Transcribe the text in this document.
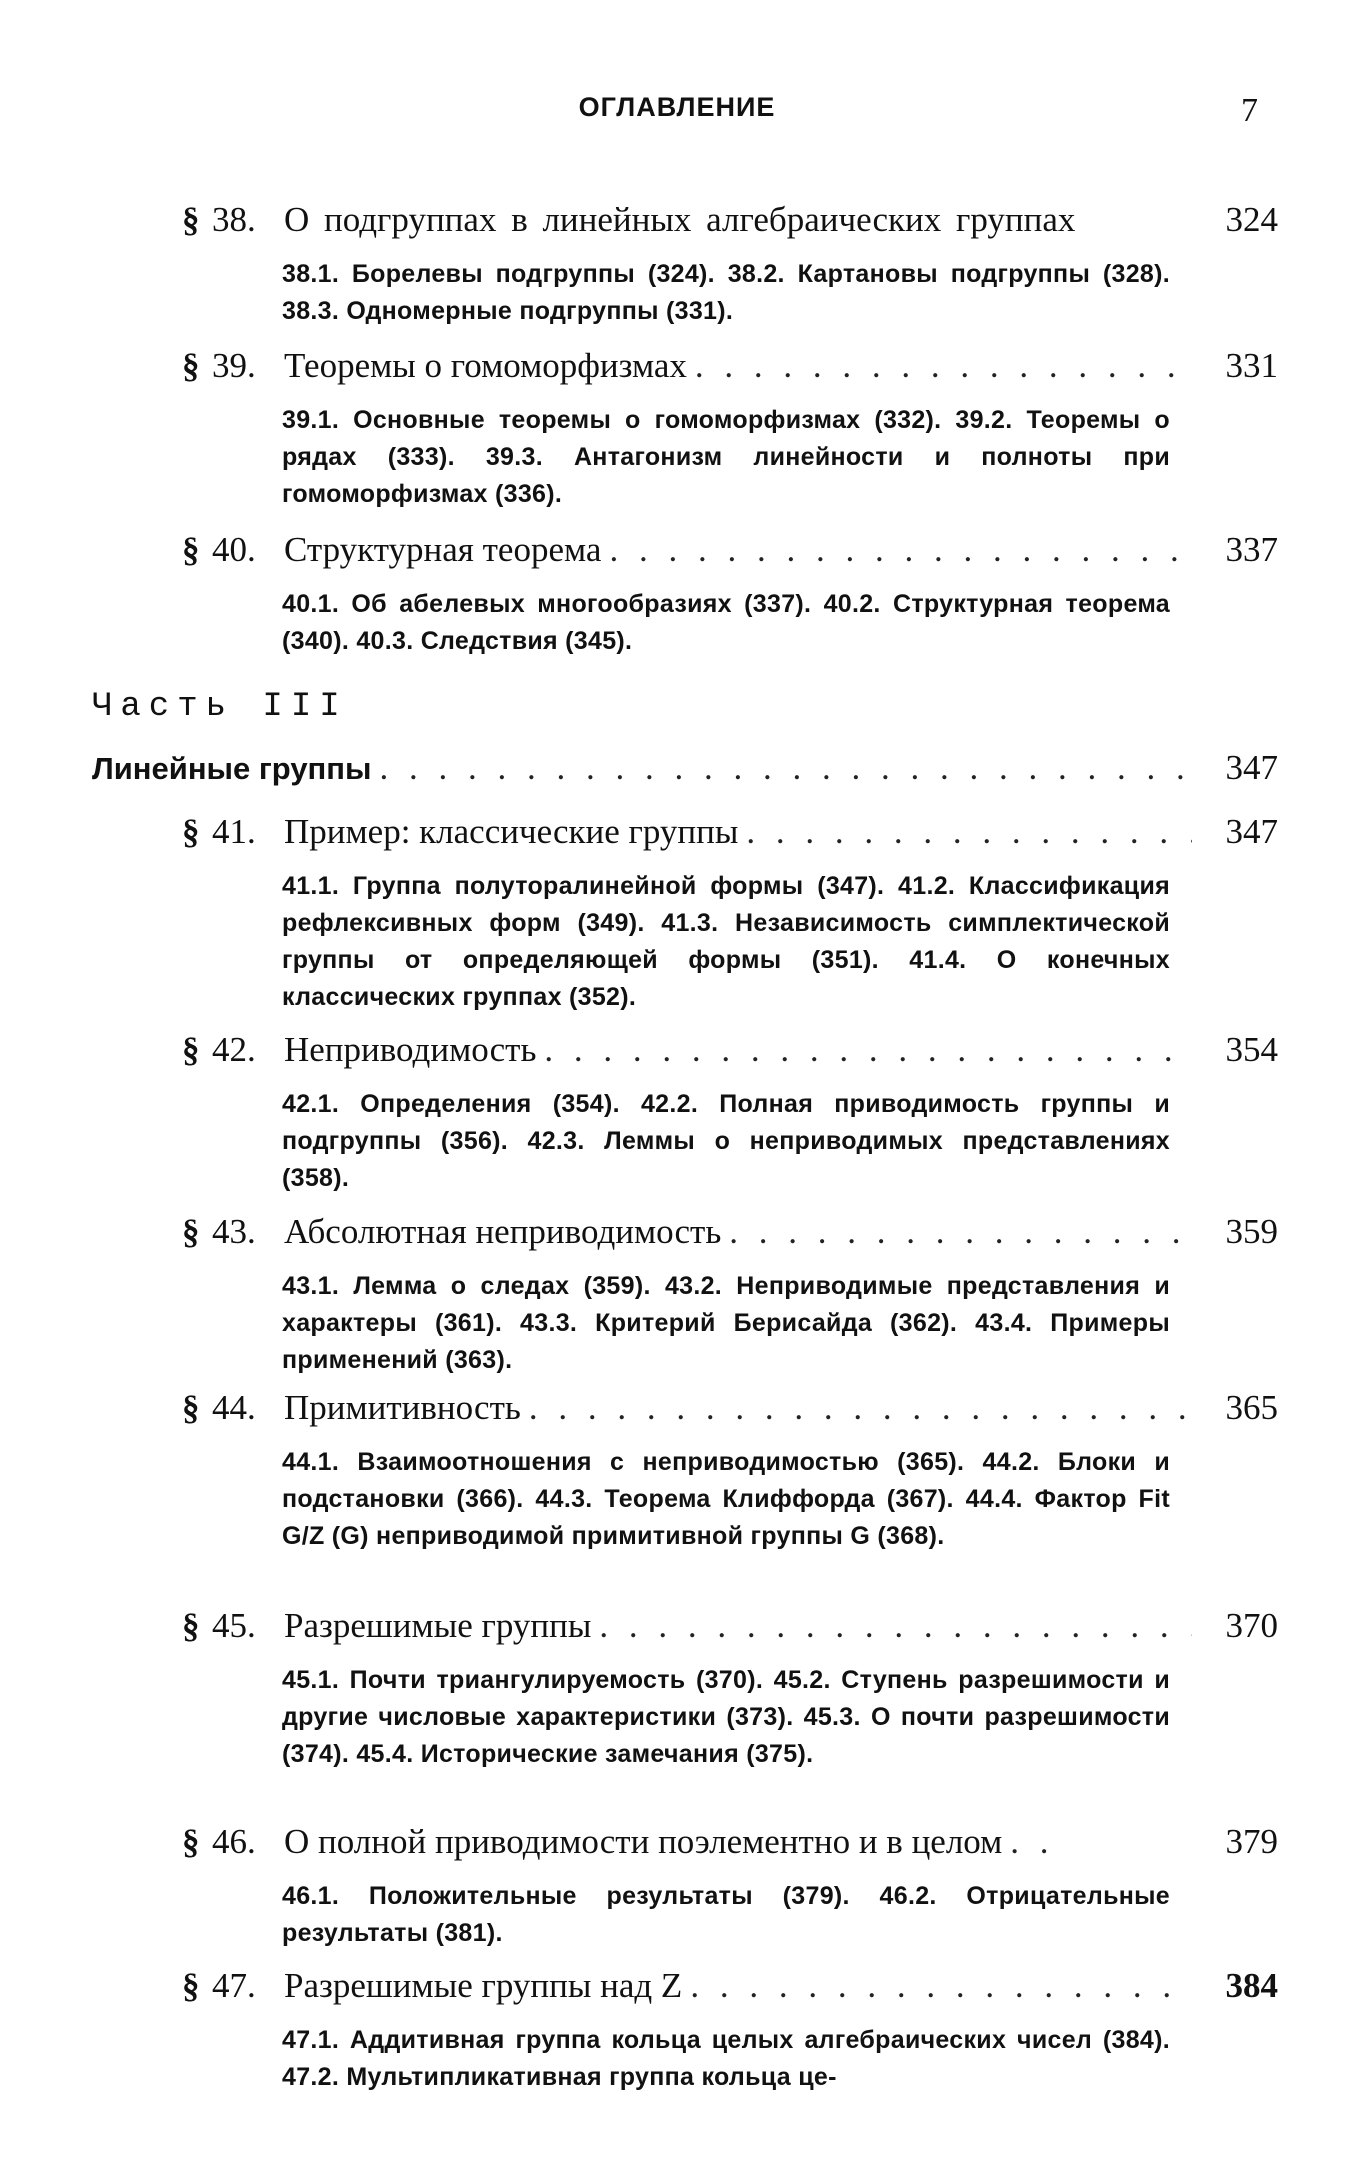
ОГЛАВЛЕНИЕ	7
§ 38. О подгруппах в линейных алгебраических группах	324
38.1. Борелевы подгруппы (324). 38.2. Картановы подгруппы (328). 38.3. Одномерные подгруппы (331).
§ 39. Теоремы о гомоморфизмах . . .	331
39.1. Основные теоремы о гомоморфизмах (332). 39.2. Теоремы о рядах (333). 39.3. Антагонизм линейности и полноты при гомоморфизмах (336).
§ 40. Структурная теорема . . .	337
40.1. Об абелевых многообразиях (337). 40.2. Структурная теорема (340). 40.3. Следствия (345).
Часть III
Линейные группы . . .	347
§ 41. Пример: классические группы . . .	347
41.1. Группа полуторалинейной формы (347). 41.2. Классификация рефлексивных форм (349). 41.3. Независимость симплектической группы от определяющей формы (351). 41.4. О конечных классических группах (352).
§ 42. Неприводимость . . .	354
42.1. Определения (354). 42.2. Полная приводимость группы и подгруппы (356). 42.3. Леммы о неприводимых представлениях (358).
§ 43. Абсолютная неприводимость . . .	359
43.1. Лемма о следах (359). 43.2. Неприводимые представления и характеры (361). 43.3. Критерий Берисайда (362). 43.4. Примеры применений (363).
§ 44. Примитивность . . .	365
44.1. Взаимоотношения с неприводимостью (365). 44.2. Блоки и подстановки (366). 44.3. Теорема Клиффорда (367). 44.4. Фактор Fit G/Z (G) неприводимой примитивной группы G (368).
§ 45. Разрешимые группы . . .	370
45.1. Почти триангулируемость (370). 45.2. Ступень разрешимости и другие числовые характеристики (373). 45.3. О почти разрешимости (374). 45.4. Исторические замечания (375).
§ 46. О полной приводимости поэлементно и в целом . . .	379
46.1. Положительные результаты (379). 46.2. Отрицательные результаты (381).
§ 47. Разрешимые группы над Z . . .	384
47.1. Аддитивная группа кольца целых алгебраических чисел (384). 47.2. Мультипликативная группа кольца це-
